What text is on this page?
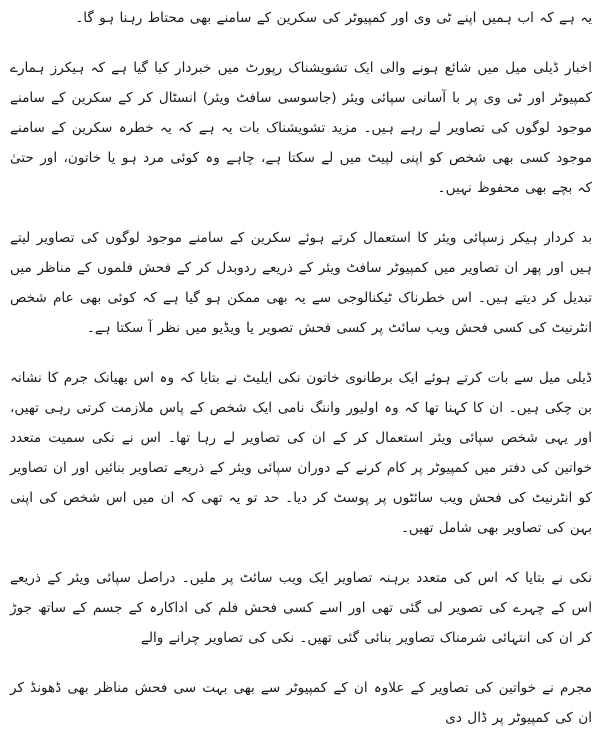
یہ ہے کہ اب ہمیں اپنے ٹی وی اور کمپیوٹر کی سکرین کے سامنے بھی محتاط رہنا ہو گا۔

اخبار ڈیلی میل میں شائع ہونے والی ایک تشویشناک رپورٹ میں خبردار کیا گیا ہے کہ ہیکرز ہمارے کمپیوٹر اور ٹی وی پر با آسانی سپائی ویئر (جاسوسی سافٹ ویئر) انسٹال کر کے سکرین کے سامنے موجود لوگوں کی تصاویر لے رہے ہیں۔ مزید تشویشناک بات یہ ہے کہ یہ خطرہ سکرین کے سامنے موجود کسی بھی شخص کو اپنی لپیٹ میں لے سکتا ہے، چاہے وہ کوئی مرد ہو یا خاتون، اور حتیٰ کہ بچے بھی محفوظ نہیں۔

بد کردار ہیکر زسپائی ویئر کا استعمال کرتے ہوئے سکرین کے سامنے موجود لوگوں کی تصاویر لیتے ہیں اور پھر ان تصاویر میں کمپیوٹر سافٹ ویئر کے ذریعے ردوبدل کر کے فحش فلموں کے مناظر میں تبدیل کر دیتے ہیں۔ اس خطرناک ٹیکنالوجی سے یہ بھی ممکن ہو گیا ہے کہ کوئی بھی عام شخص انٹرنیٹ کی کسی فحش ویب سائٹ پر کسی فحش تصویر یا ویڈیو میں نظر آ سکتا ہے۔

ڈیلی میل سے بات کرتے ہوئے ایک برطانوی خاتون نکی ایلیٹ نے بتایا کہ وہ اس بھیانک جرم کا نشانہ بن چکی ہیں۔ ان کا کہنا تھا کہ وہ اولیور واننگ نامی ایک شخص کے پاس ملازمت کرتی رہی تھیں، اور یہی شخص سپائی ویئر استعمال کر کے ان کی تصاویر لے رہا تھا۔ اس نے نکی سمیت متعدد خواتین کی دفتر میں کمپیوٹر پر کام کرنے کے دوران سپائی ویئر کے ذریعے تصاویر بنائیں اور ان تصاویر کو انٹرنیٹ کی فحش ویب سائٹوں پر پوسٹ کر دیا۔ حد تو یہ تھی کہ ان میں اس شخص کی اپنی بہن کی تصاویر بھی شامل تھیں۔

نکی نے بتایا کہ اس کی متعدد برہنہ تصاویر ایک ویب سائٹ پر ملیں۔ دراصل سپائی ویئر کے ذریعے اس کے چہرے کی تصویر لی گئی تھی اور اسے کسی فحش فلم کی اداکارہ کے جسم کے ساتھ جوڑ کر ان کی انتہائی شرمناک تصاویر بنائی گئی تھیں۔ نکی کی تصاویر چرانے والے

مجرم نے خواتین کی تصاویر کے علاوہ ان کے کمپیوٹر سے بھی بہت سی فحش مناظر بھی ڈھونڈ کر ان کی کمپیوٹر پر ڈال دی
